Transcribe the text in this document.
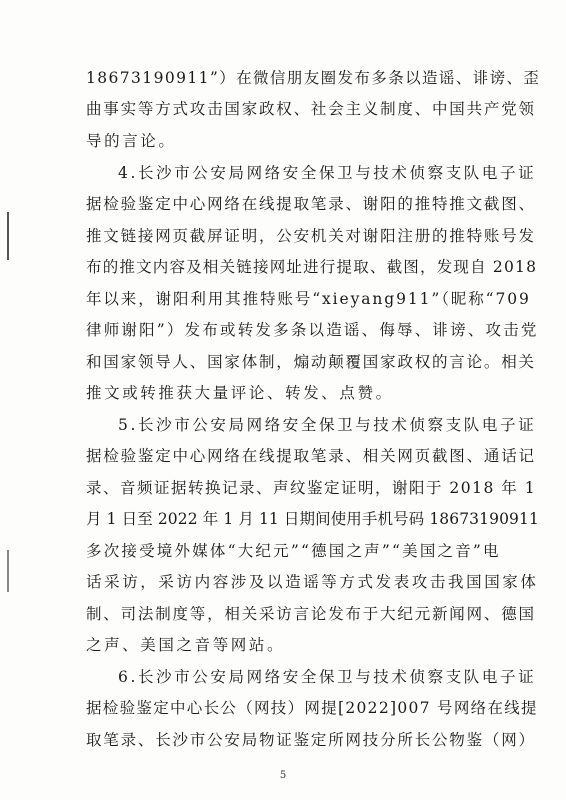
18673190911”）在微信朋友圈发布多条以造谣、诽谤、歪
曲事实等方式攻击国家政权、社会主义制度、中国共产党领
导的言论。
4.长沙市公安局网络安全保卫与技术侦察支队电子证
据检验鉴定中心网络在线提取笔录、谢阳的推特推文截图、
推文链接网页截屏证明，公安机关对谢阳注册的推特账号发
布的推文内容及相关链接网址进行提取、截图，发现自 2018
年以来，谢阳利用其推特账号“xieyang911”（昵称“709
律师谢阳”）发布或转发多条以造谣、侮辱、诽谤、攻击党
和国家领导人、国家体制，煽动颠覆国家政权的言论。相关
推文或转推获大量评论、转发、点赞。
5.长沙市公安局网络安全保卫与技术侦察支队电子证
据检验鉴定中心网络在线提取笔录、相关网页截图、通话记
录、音频证据转换记录、声纹鉴定证明，谢阳于 2018 年 1
月 1 日至 2022 年 1 月 11 日期间使用手机号码 18673190911
多次接受境外媒体“大纪元”“德国之声”“美国之音”电
话采访，采访内容涉及以造谣等方式发表攻击我国国家体
制、司法制度等，相关采访言论发布于大纪元新闻网、德国
之声、美国之音等网站。
6.长沙市公安局网络安全保卫与技术侦察支队电子证
据检验鉴定中心长公（网技）网提[2022]007 号网络在线提
取笔录、长沙市公安局物证鉴定所网技分所长公物鉴（网）
5
